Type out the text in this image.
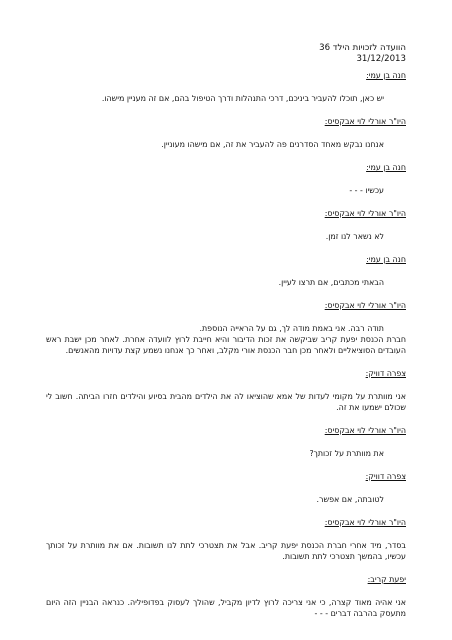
הוועדה לזכויות הילד 36
31/12/2013
חנה בן עמי:

יש כאן, תוכלו להעביר ביניכם, דרכי התנהלות ודרך הטיפול בהם, אם זה מעניין מישהו.

היו"ר אורלי לוי אבקסיס:

אנחנו נבקש מאחד הסדרנים פה להעביר את זה, אם מישהו מעוניין.

חנה בן עמי:

עכשיו - - -

היו"ר אורלי לוי אבקסיס:

לא נשאר לנו זמן.

חנה בן עמי:

הבאתי מכתבים, אם תרצו לעיין.

היו"ר אורלי לוי אבקסיס:

תודה רבה. אני באמת מודה לך, גם על הראייה הנוספת.

חברת הכנסת יפעת קריב שביקשה את זכות הדיבור והיא חייבת לרוץ לוועדה אחרת. לאחר מכן ישבת ראש העובדים הסוציאליים ולאחר מכן חבר הכנסת אורי מקלב, ואחר כך אנחנו נשמע קצת עדויות מהאנשים.

צפרה דוויק:

אני מוותרת על מקומי לעדות של אמא שהוציאו לה את הילדים מהבית בסיוע והילדים חזרו הביתה. חשוב לי שכולם ישמעו את זה.

היו"ר אורלי לוי אבקסיס:

את מוותרת על זכותך?

צפרה דוויק:

לטובתה, אם אפשר.

היו"ר אורלי לוי אבקסיס:

בסדר, מיד אחרי חברת הכנסת יפעת קריב. אבל את תצטרכי לתת לנו תשובות. אם את מוותרת על זכותך עכשיו, בהמשך תצטרכי לתת תשובות.

יפעת קריב:

אני אהיה מאוד קצרה, כי אני צריכה לרוץ לדיון מקביל, שהולך לעסוק בפדופיליה. כנראה הבניין הזה היום מתעסק בהרבה דברים - - -
